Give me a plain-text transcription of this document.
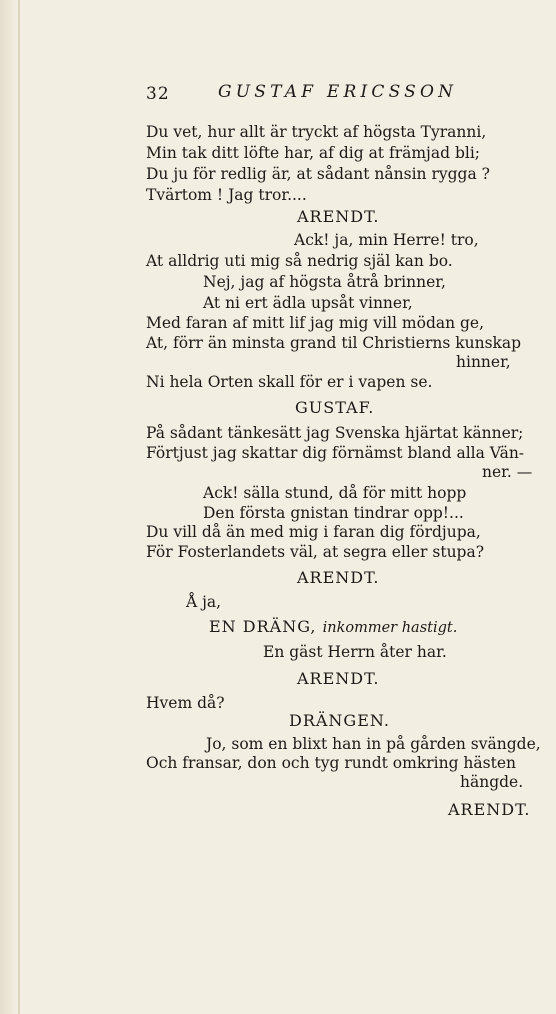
32	GUSTAF ERICSSON
Du vet, hur allt är tryckt af högsta Tyranni,
Min tak ditt löfte har, af dig at främjad bli;
Du ju för redlig är, at sådant nånsin rygga ?
Tvärtom ! Jag tror....
ARENDT.
Ack! ja, min Herre! tro,
At alldrig uti mig så nedrig själ kan bo.
Nej, jag af högsta åtrå brinner,
At ni ert ädla upsåt vinner,
Med faran af mitt lif jag mig vill mödan ge,
At, förr än minsta grand til Christierns kunskap
hinner,
Ni hela Orten skall för er i vapen se.
GUSTAF.
På sådant tänkesätt jag Svenska hjärtat känner;
Förtjust jag skattar dig förnämst bland alla Vän-
ner. —
Ack! sälla stund, då för mitt hopp
Den första gnistan tindrar opp!...
Du vill då än med mig i faran dig fördjupa,
För Fosterlandets väl, at segra eller stupa?
ARENDT.
Å ja,
EN DRÄNG, inkommer hastigt.
En gäst Herrn åter har.
ARENDT.
Hvem då?
DRÄNGEN.
Jo, som en blixt han in på gården svängde,
Och fransar, don och tyg rundt omkring hästen
hängde.
ARENDT.
